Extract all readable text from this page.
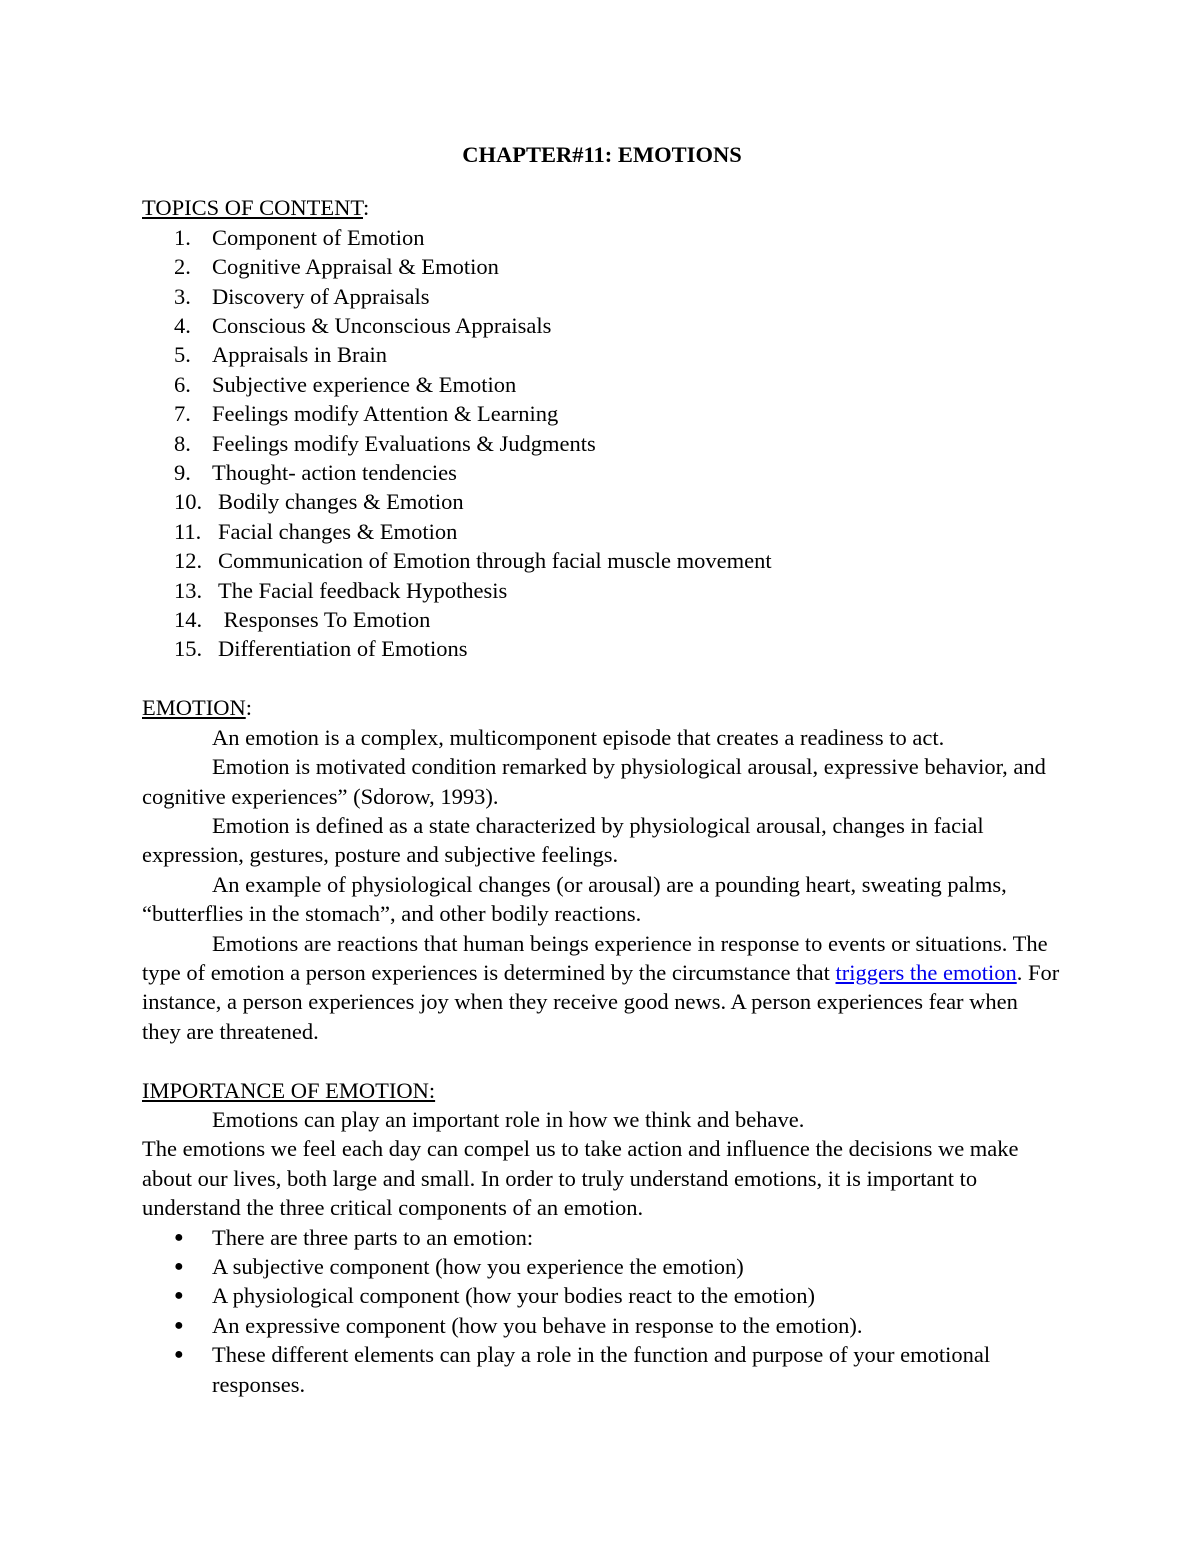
CHAPTER#11: EMOTIONS

TOPICS OF CONTENT:

1. Component of Emotion
2. Cognitive Appraisal & Emotion
3. Discovery of Appraisals
4. Conscious & Unconscious Appraisals
5. Appraisals in Brain
6. Subjective experience & Emotion
7. Feelings modify Attention & Learning
8. Feelings modify Evaluations & Judgments
9. Thought- action tendencies
10. Bodily changes & Emotion
11. Facial changes & Emotion
12. Communication of Emotion through facial muscle movement
13. The Facial feedback Hypothesis
14. Responses To Emotion
15. Differentiation of Emotions

EMOTION:

An emotion is a complex, multicomponent episode that creates a readiness to act.

Emotion is motivated condition remarked by physiological arousal, expressive behavior, and cognitive experiences” (Sdorow, 1993).

Emotion is defined as a state characterized by physiological arousal, changes in facial expression, gestures, posture and subjective feelings.

An example of physiological changes (or arousal) are a pounding heart, sweating palms, “butterflies in the stomach”, and other bodily reactions.

Emotions are reactions that human beings experience in response to events or situations. The type of emotion a person experiences is determined by the circumstance that triggers the emotion. For instance, a person experiences joy when they receive good news. A person experiences fear when they are threatened.

IMPORTANCE OF EMOTION:

Emotions can play an important role in how we think and behave.

The emotions we feel each day can compel us to take action and influence the decisions we make about our lives, both large and small. In order to truly understand emotions, it is important to understand the three critical components of an emotion.

●	There are three parts to an emotion:
●	A subjective component (how you experience the emotion)
●	A physiological component (how your bodies react to the emotion)
●	An expressive component (how you behave in response to the emotion).
●	These different elements can play a role in the function and purpose of your emotional responses.
